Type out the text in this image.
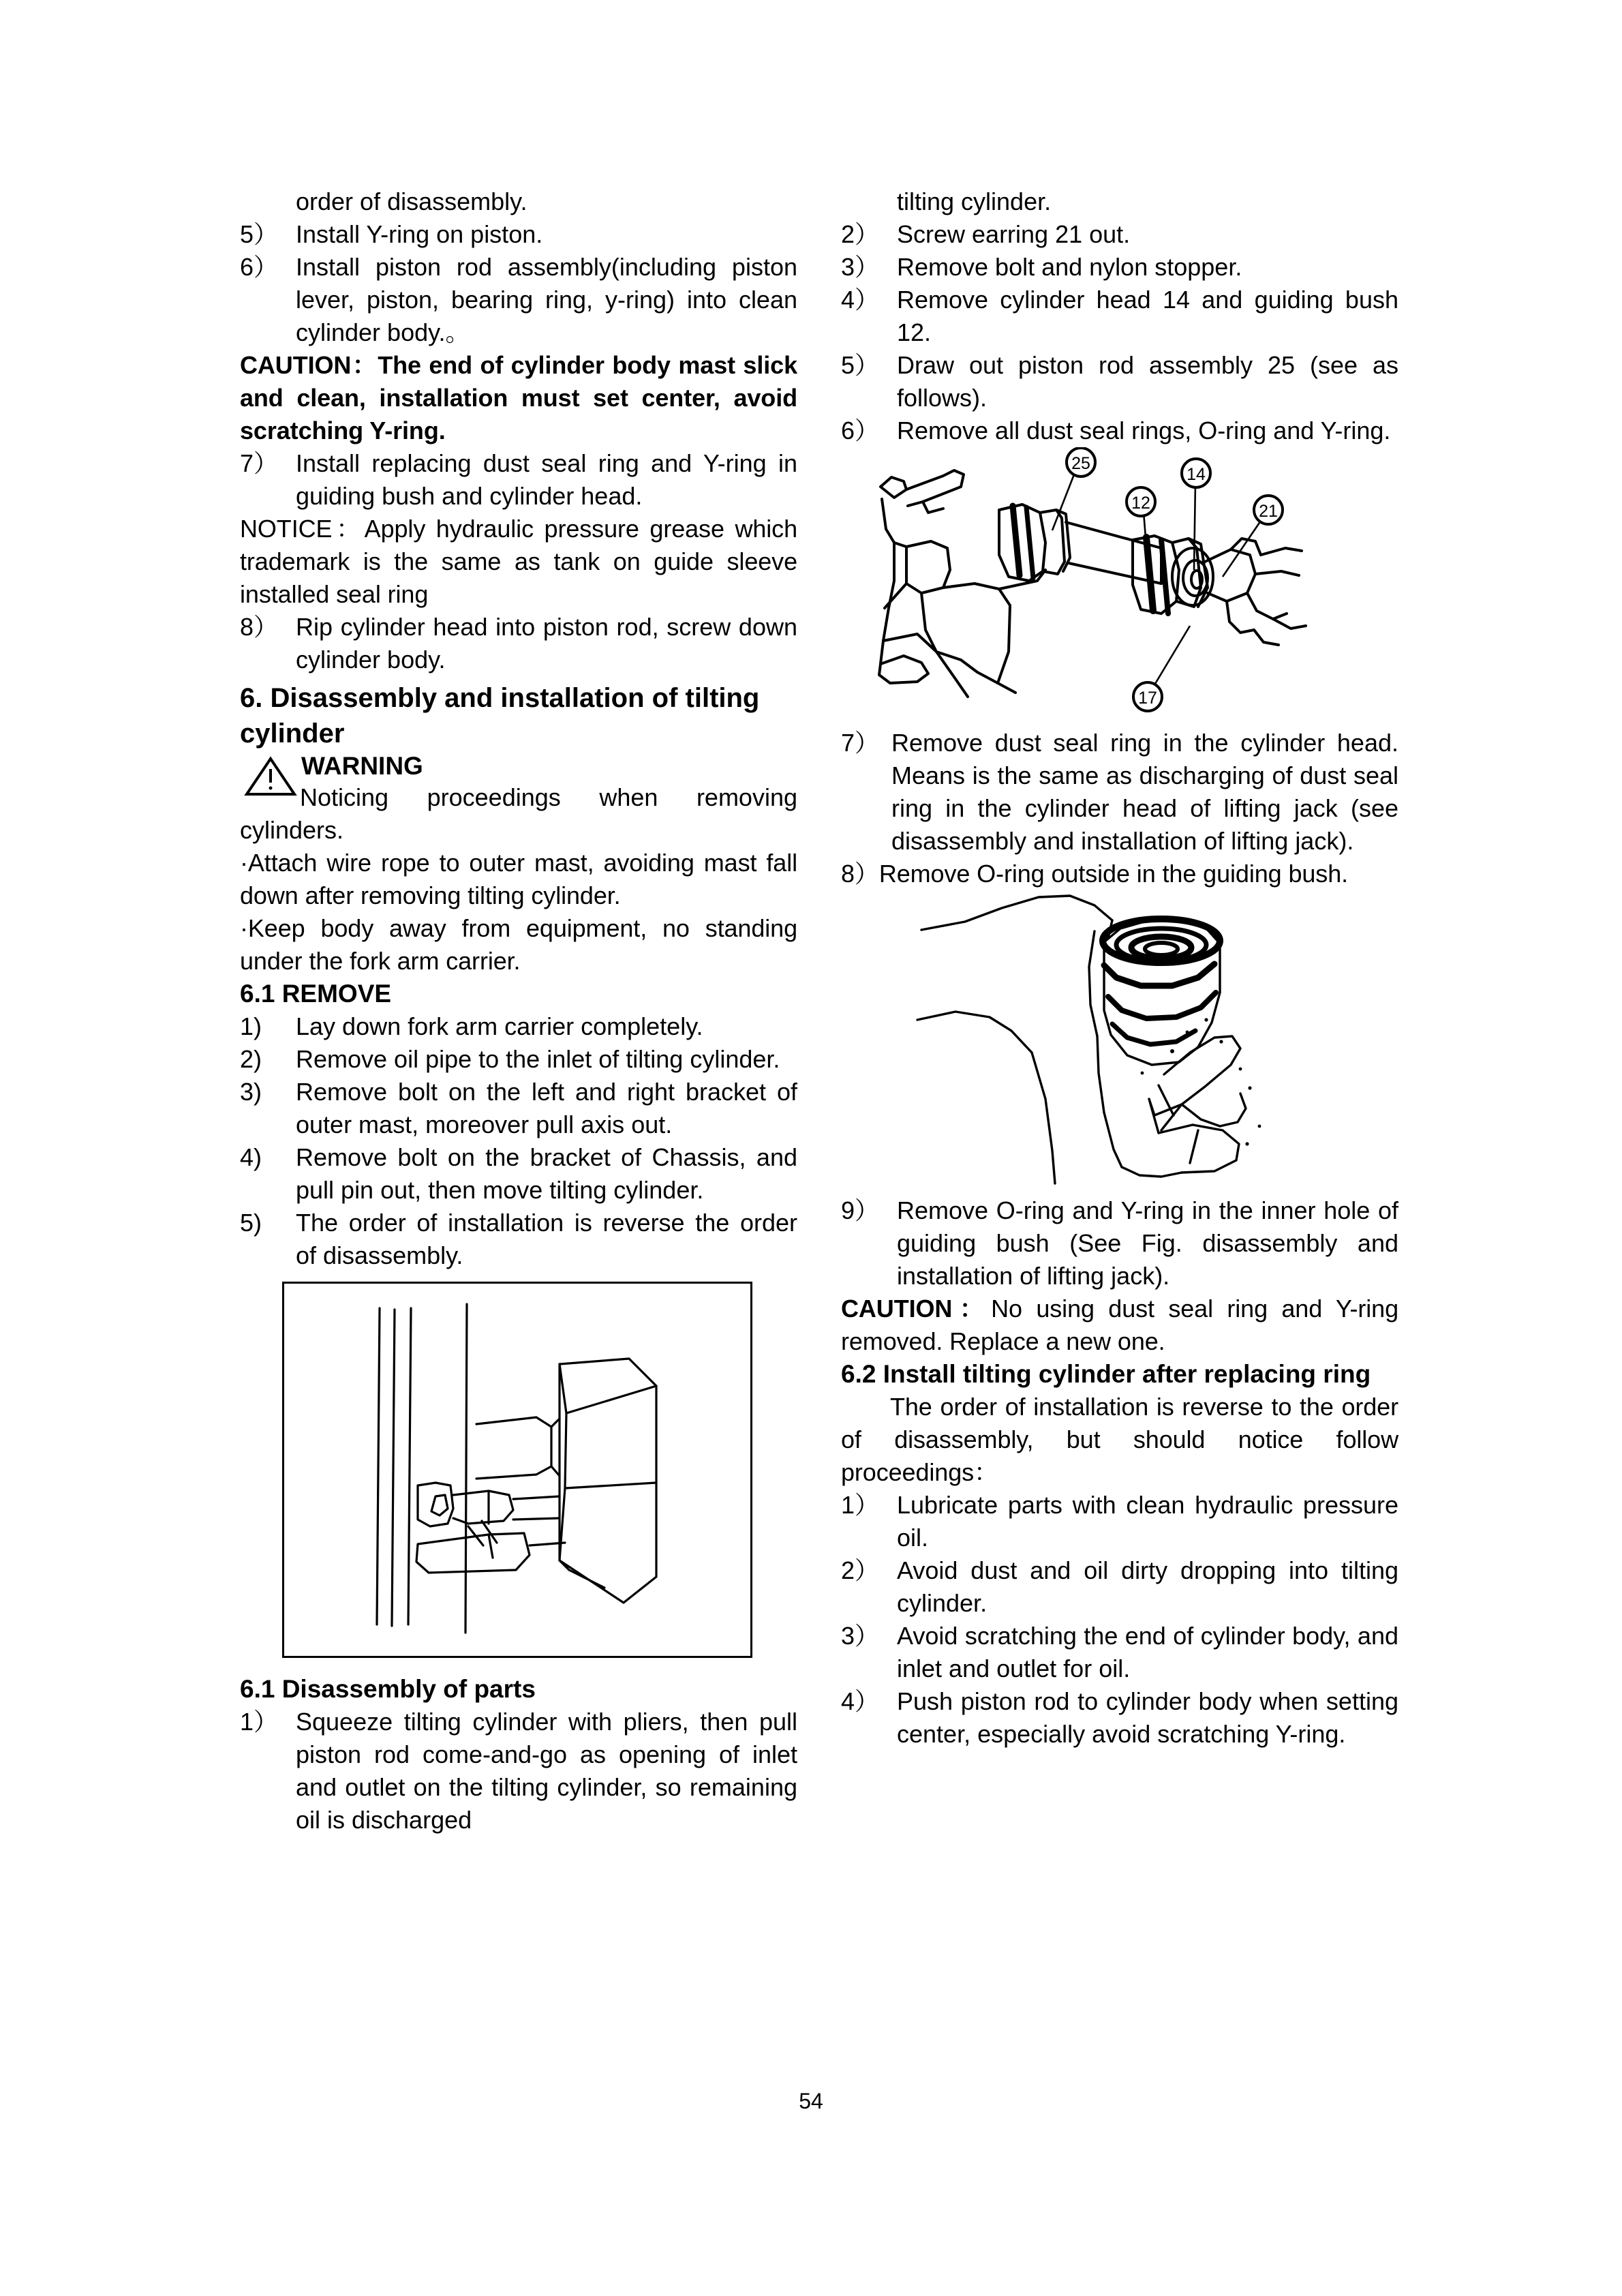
order of disassembly.
5） Install Y-ring on piston.
6） Install piston rod assembly(including piston lever, piston, bearing ring, y-ring) into clean cylinder body.。
CAUTION：The end of cylinder body mast slick and clean, installation must set center, avoid scratching Y-ring.
7） Install replacing dust seal ring and Y-ring in guiding bush and cylinder head.
NOTICE：Apply hydraulic pressure grease which trademark is the same as tank on guide sleeve installed seal ring
8） Rip cylinder head into piston rod, screw down cylinder body.
6. Disassembly and installation of tilting cylinder
WARNING
Noticing proceedings when removing cylinders.
·Attach wire rope to outer mast, avoiding mast fall down after removing tilting cylinder.
·Keep body away from equipment, no standing under the fork arm carrier.
6.1 REMOVE
1)	Lay down fork arm carrier completely.
2)	Remove oil pipe to the inlet of tilting cylinder.
3)	Remove bolt on the left and right bracket of outer mast, moreover pull axis out.
4)	Remove bolt on the bracket of Chassis, and pull pin out, then move tilting cylinder.
5)	The order of installation is reverse the order of disassembly.
6.1 Disassembly of parts
1） Squeeze tilting cylinder with pliers, then pull piston rod come-and-go as opening of inlet and outlet on the tilting cylinder, so remaining oil is discharged
tilting cylinder.
2） Screw earring 21 out.
3） Remove bolt and nylon stopper.
4） Remove cylinder head 14 and guiding bush 12.
5） Draw out piston rod assembly 25 (see as follows).
6） Remove all dust seal rings, O-ring and Y-ring.
25
12
14
21
17
7） Remove dust seal ring in the cylinder head. Means is the same as discharging of dust seal ring in the cylinder head of lifting jack (see disassembly and installation of lifting jack).
8）Remove O-ring outside in the guiding bush.
9） Remove O-ring and Y-ring in the inner hole of guiding bush (See Fig. disassembly and installation of lifting jack).
CAUTION：No using dust seal ring and Y-ring removed. Replace a new one.
6.2 Install tilting cylinder after replacing ring
The order of installation is reverse to the order of disassembly, but should notice follow proceedings：
1） Lubricate parts with clean hydraulic pressure oil.
2） Avoid dust and oil dirty dropping into tilting cylinder.
3） Avoid scratching the end of cylinder body, and inlet and outlet for oil.
4） Push piston rod to cylinder body when setting center, especially avoid scratching Y-ring.
54
